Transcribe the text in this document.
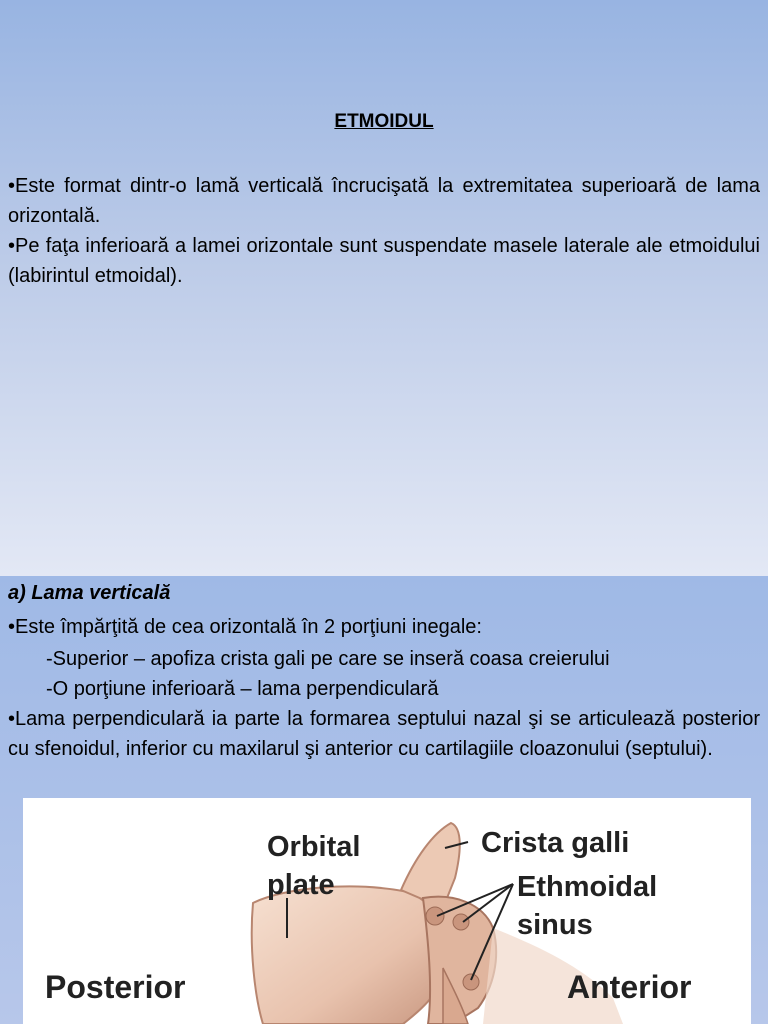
ETMOIDUL
•Este format dintr-o lamă verticală încrucişată la extremitatea superioară de lama orizontală.
•Pe faţa inferioară a lamei orizontale sunt suspendate masele laterale ale etmoidului (labirintul etmoidal).
a) Lama verticală
•Este împărţită de cea orizontală în 2 porţiuni inegale:
-Superior – apofiza crista gali pe care se inseră coasa creierului
-O porţiune inferioară – lama perpendiculară
•Lama perpendiculară ia parte la formarea septului nazal şi se articulează posterior cu sfenoidul, inferior cu maxilarul şi anterior cu cartilagiile cloazonului (septului).
Orbital
plate
Crista galli
Ethmoidal
sinus
Posterior	Anterior
